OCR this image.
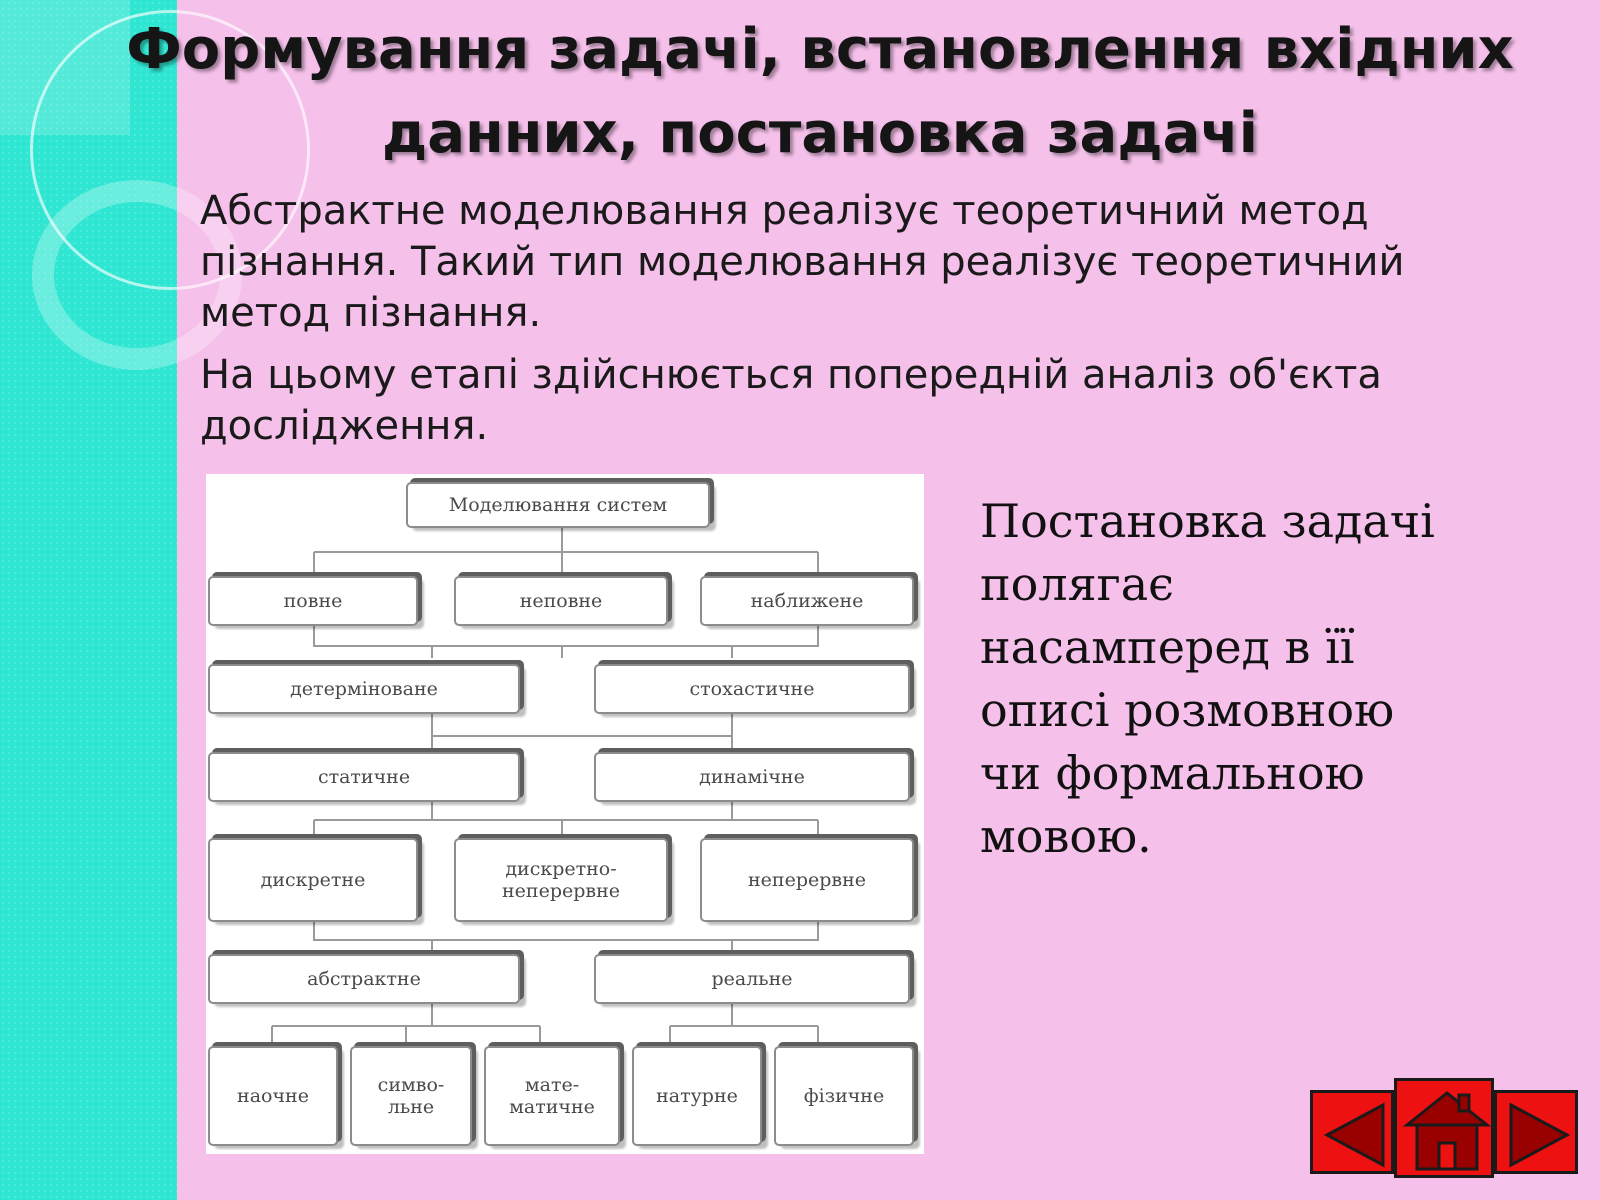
Формування задачі, встановлення вхідних
данних, постановка задачі

Абстрактне моделювання реалізує теоретичний метод пізнання. Такий тип моделювання реалізує теоретичний метод пізнання.

На цьому етапі здійснюється попередній аналіз об'єкта дослідження.

Моделювання систем
повне	неповне	наближене
детерміноване	стохастичне
статичне	динамічне
дискретне	дискретно-неперервне	неперервне
абстрактне	реальне
наочне	симво-льне
мате-матичне	натурне	фізичне
Постановка задачі полягає насамперед в її описі розмовною чи формальною мовою.
